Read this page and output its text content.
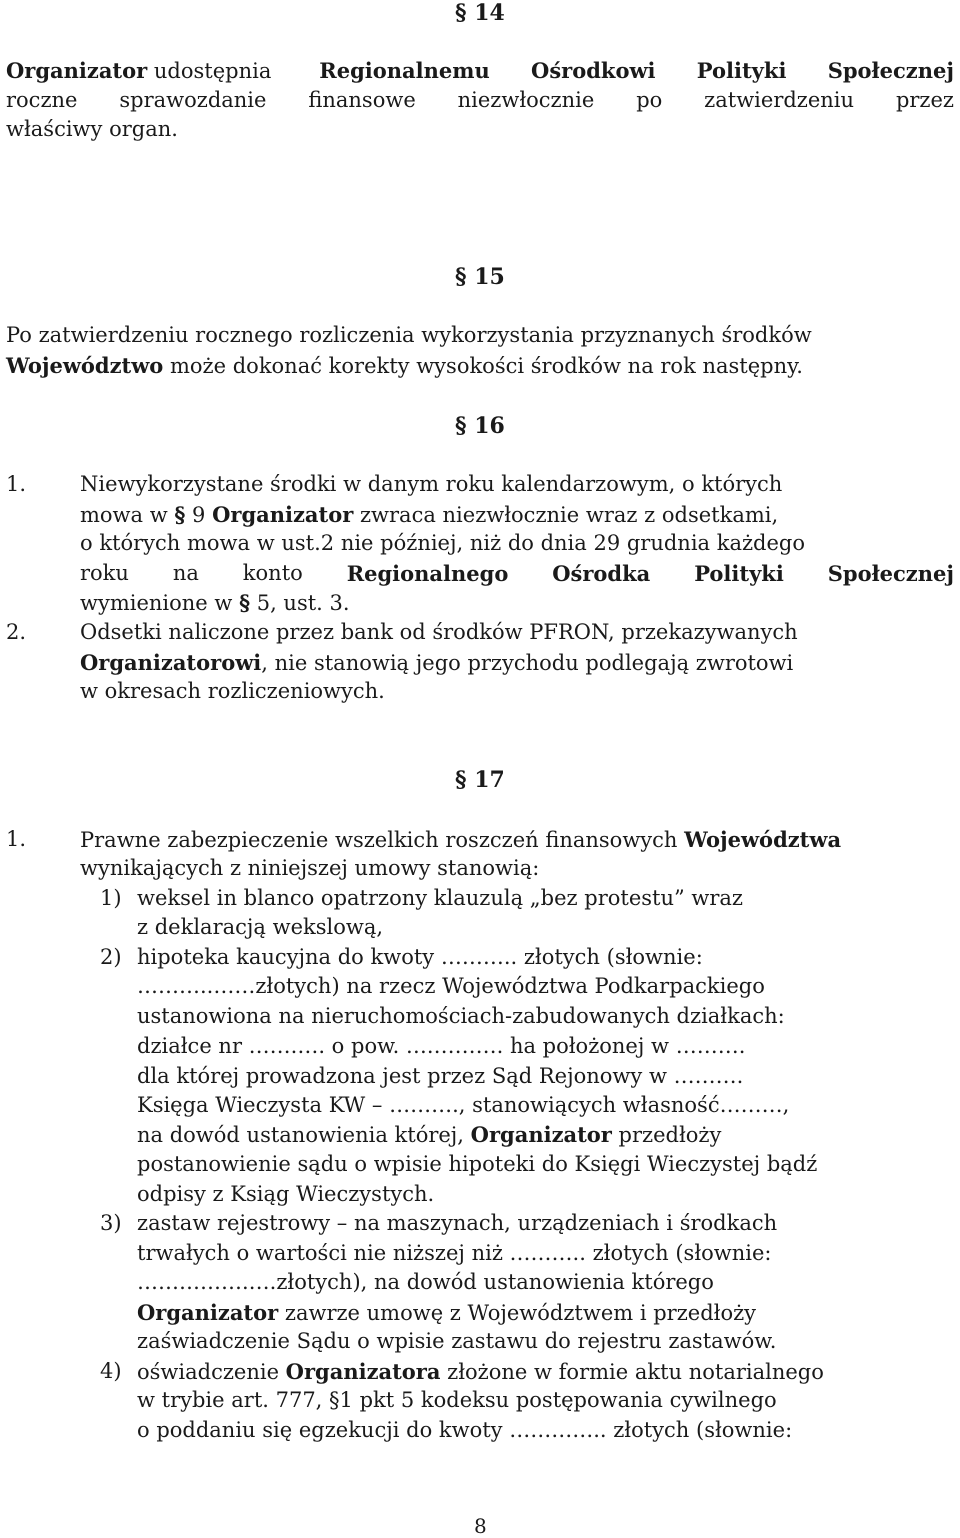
§ 14
Organizator udostępnia Regionalnemu Ośrodkowi Polityki Społecznej
roczne sprawozdanie finansowe niezwłocznie po zatwierdzeniu przez
właściwy organ.
§ 15
Po zatwierdzeniu rocznego rozliczenia wykorzystania przyznanych środków
Województwo może dokonać korekty wysokości środków na rok następny.
§ 16
1.	Niewykorzystane środki w danym roku kalendarzowym, o których
mowa w § 9 Organizator zwraca niezwłocznie wraz z odsetkami,
o których mowa w ust.2 nie później, niż do dnia 29 grudnia każdego
roku na konto Regionalnego Ośrodka Polityki Społecznej
wymienione w § 5, ust. 3.
2.	Odsetki naliczone przez bank od środków PFRON, przekazywanych
Organizatorowi, nie stanowią jego przychodu podlegają zwrotowi
w okresach rozliczeniowych.
§ 17
1.	Prawne zabezpieczenie wszelkich roszczeń finansowych Województwa
wynikających z niniejszej umowy stanowią:
1) weksel in blanco opatrzony klauzulą „bez protestu” wraz
z deklaracją wekslową,
2) hipoteka kaucyjna do kwoty ……….. złotych (słownie:
………..……złotych) na rzecz Województwa Podkarpackiego
ustanowiona na nieruchomościach-zabudowanych działkach:
działce nr …….…. o pow. ….………. ha położonej w ……….
dla której prowadzona jest przez Sąd Rejonowy w ……….
Księga Wieczysta KW – ………., stanowiących własność………,
na dowód ustanowienia której, Organizator przedłoży
postanowienie sądu o wpisie hipoteki do Księgi Wieczystej bądź
odpisy z Ksiąg Wieczystych.
3) zastaw rejestrowy – na maszynach, urządzeniach i środkach
trwałych o wartości nie niższej niż ……….. złotych (słownie:
…………….….złotych), na dowód ustanowienia którego
Organizator zawrze umowę z Województwem i przedłoży
zaświadczenie Sądu o wpisie zastawu do rejestru zastawów.
4) oświadczenie Organizatora złożone w formie aktu notarialnego
w trybie art. 777, §1 pkt 5 kodeksu postępowania cywilnego
o poddaniu się egzekucji do kwoty ………….. złotych (słownie:
8
